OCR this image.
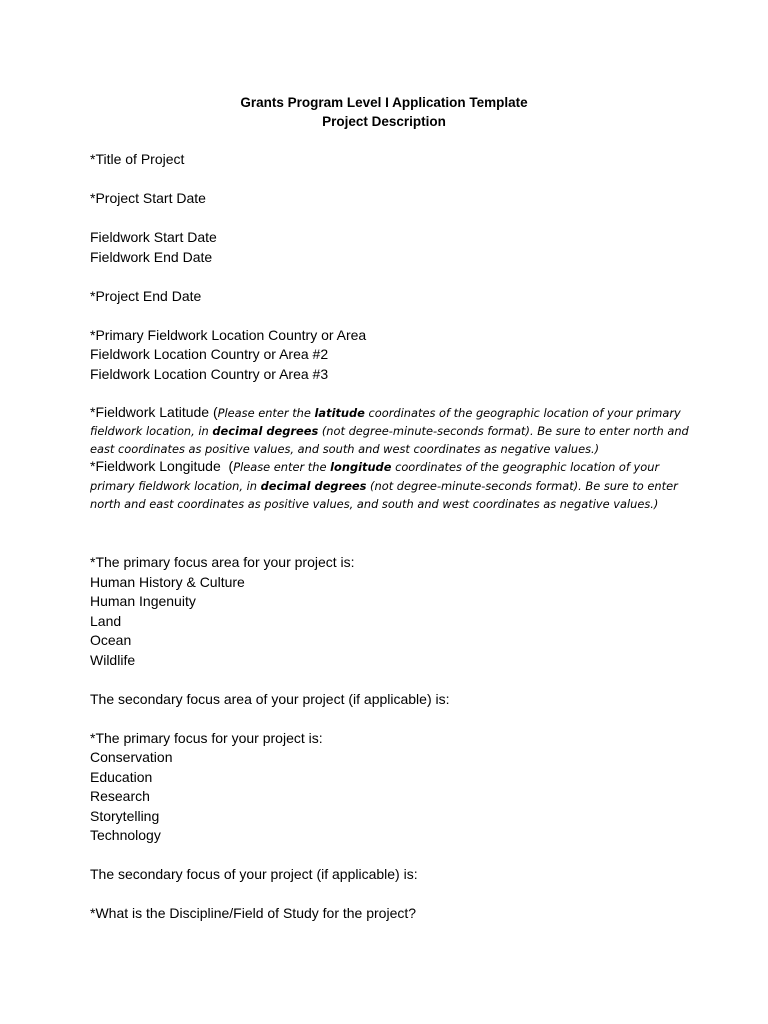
Grants Program Level I Application Template
Project Description
*Title of Project
*Project Start Date
Fieldwork Start Date
Fieldwork End Date
*Project End Date
*Primary Fieldwork Location Country or Area
Fieldwork Location Country or Area #2
Fieldwork Location Country or Area #3
*Fieldwork Latitude (Please enter the latitude coordinates of the geographic location of your primary fieldwork location, in decimal degrees (not degree-minute-seconds format). Be sure to enter north and east coordinates as positive values, and south and west coordinates as negative values.)
*Fieldwork Longitude  (Please enter the longitude coordinates of the geographic location of your primary fieldwork location, in decimal degrees (not degree-minute-seconds format). Be sure to enter north and east coordinates as positive values, and south and west coordinates as negative values.)
*The primary focus area for your project is:
Human History & Culture
Human Ingenuity
Land
Ocean
Wildlife
The secondary focus area of your project (if applicable) is:
*The primary focus for your project is:
Conservation
Education
Research
Storytelling
Technology
The secondary focus of your project (if applicable) is:
*What is the Discipline/Field of Study for the project?
